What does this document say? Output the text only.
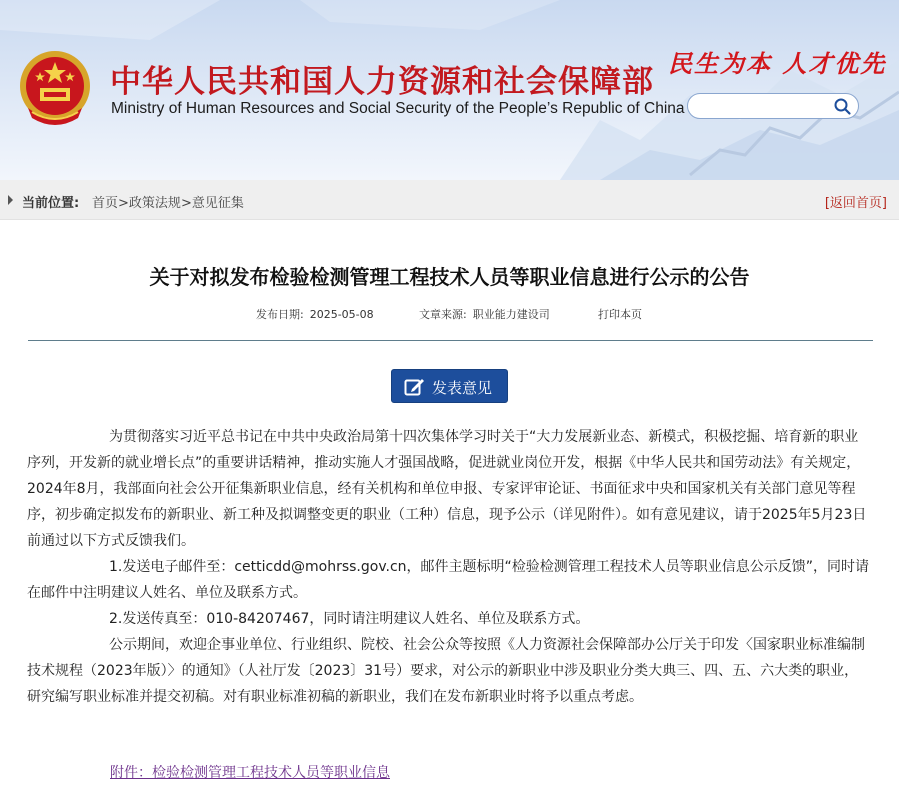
中华人民共和国人力资源和社会保障部
Ministry of Human Resources and Social Security of the People’s Republic of China
民生为本 人才优先
当前位置: 首页>政策法规>意见征集	[返回首页]
关于对拟发布检验检测管理工程技术人员等职业信息进行公示的公告
发布日期: 2025-05-08	文章来源: 职业能力建设司	打印本页
发表意见

为贯彻落实习近平总书记在中共中央政治局第十四次集体学习时关于“大力发展新业态、新模式，积极挖掘、培育新的职业序列，开发新的就业增长点”的重要讲话精神，推动实施人才强国战略，促进就业岗位开发，根据《中华人民共和国劳动法》有关规定，2024年8月，我部面向社会公开征集新职业信息，经有关机构和单位申报、专家评审论证、书面征求中央和国家机关有关部门意见等程序，初步确定拟发布的新职业、新工种及拟调整变更的职业（工种）信息，现予公示（详见附件）。如有意见建议，请于2025年5月23日前通过以下方式反馈我们。

1.发送电子邮件至：cetticdd@mohrss.gov.cn，邮件主题标明“检验检测管理工程技术人员等职业信息公示反馈”，同时请在邮件中注明建议人姓名、单位及联系方式。

2.发送传真至：010-84207467，同时请注明建议人姓名、单位及联系方式。

公示期间，欢迎企事业单位、行业组织、院校、社会公众等按照《人力资源社会保障部办公厅关于印发〈国家职业标准编制技术规程（2023年版）〉的通知》（人社厅发〔2023〕31号）要求，对公示的新职业中涉及职业分类大典三、四、五、六大类的职业，研究编写职业标准并提交初稿。对有职业标准初稿的新职业，我们在发布新职业时将予以重点考虑。

附件：检验检测管理工程技术人员等职业信息
